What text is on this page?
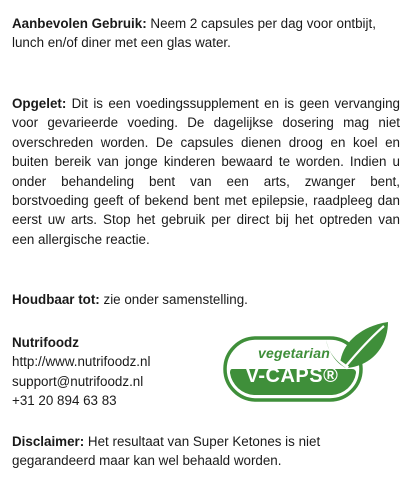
Aanbevolen Gebruik: Neem 2 capsules per dag voor ontbijt, lunch en/of diner met een glas water.

Opgelet: Dit is een voedingssupplement en is geen vervanging voor gevarieerde voeding. De dagelijkse dosering mag niet overschreden worden. De capsules dienen droog en koel en buiten bereik van jonge kinderen bewaard te worden. Indien u onder behandeling bent van een arts, zwanger bent, borstvoeding geeft of bekend bent met epilepsie, raadpleeg dan eerst uw arts. Stop het gebruik per direct bij het optreden van een allergische reactie.

Houdbaar tot: zie onder samenstelling.

Nutrifoodz
http://www.nutrifoodz.nl
support@nutrifoodz.nl
+31 20 894 63 83

Disclaimer: Het resultaat van Super Ketones is niet gegarandeerd maar kan wel behaald worden.

vegetarian
V-CAPS®
